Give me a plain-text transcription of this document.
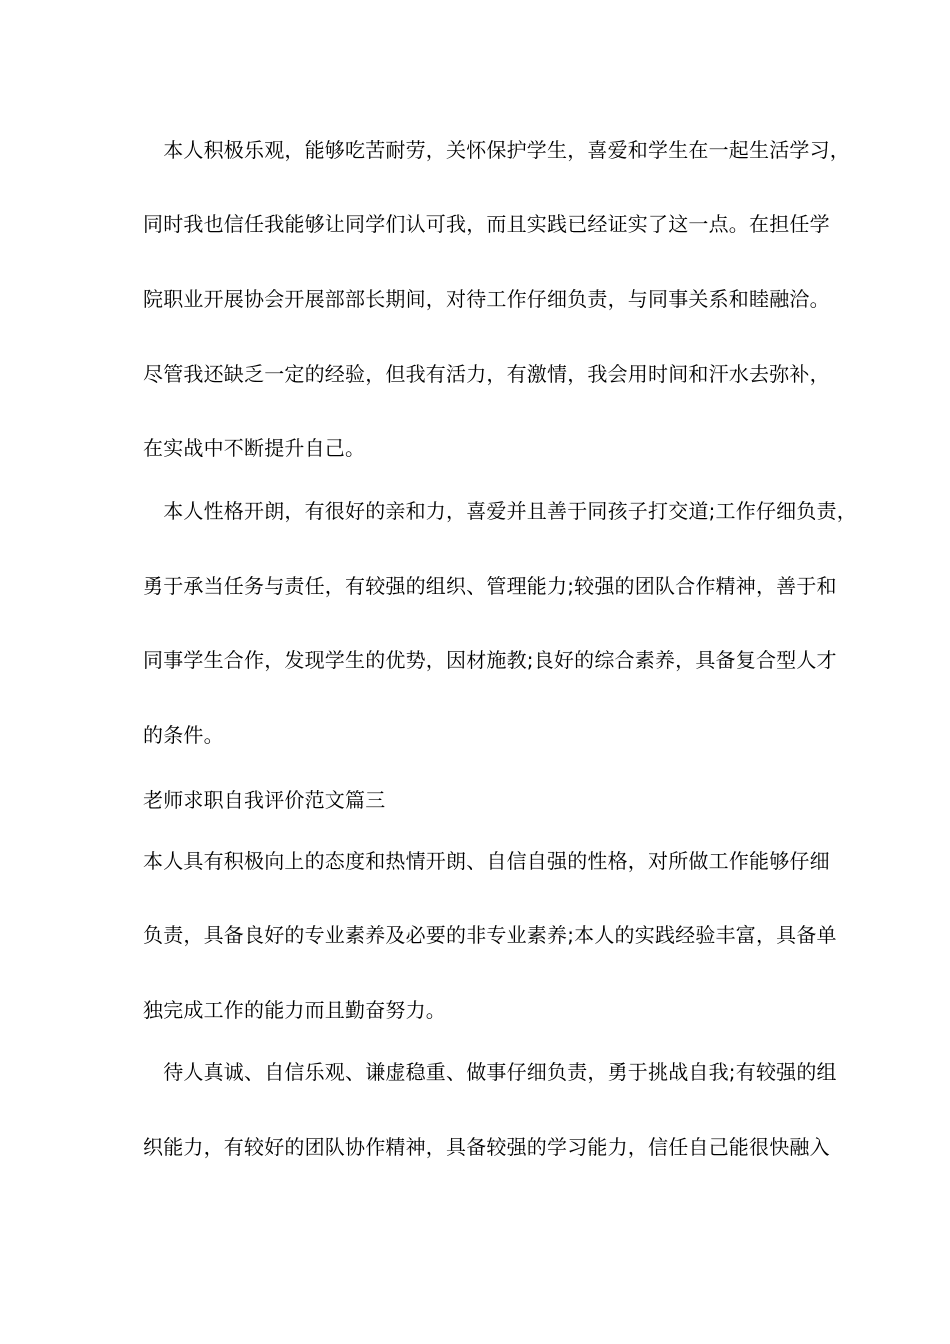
　本人积极乐观，能够吃苦耐劳，关怀保护学生，喜爱和学生在一起生活学习，
同时我也信任我能够让同学们认可我，而且实践已经证实了这一点。在担任学
院职业开展协会开展部部长期间，对待工作仔细负责，与同事关系和睦融洽。
尽管我还缺乏一定的经验，但我有活力，有激情，我会用时间和汗水去弥补，
在实战中不断提升自己。
　本人性格开朗，有很好的亲和力，喜爱并且善于同孩子打交道;工作仔细负责，
勇于承当任务与责任，有较强的组织、管理能力;较强的团队合作精神，善于和
同事学生合作，发现学生的优势，因材施教;良好的综合素养，具备复合型人才
的条件。
老师求职自我评价范文篇三
本人具有积极向上的态度和热情开朗、自信自强的性格，对所做工作能够仔细
负责，具备良好的专业素养及必要的非专业素养;本人的实践经验丰富，具备单
独完成工作的能力而且勤奋努力。
　待人真诚、自信乐观、谦虚稳重、做事仔细负责，勇于挑战自我;有较强的组
织能力，有较好的团队协作精神，具备较强的学习能力，信任自己能很快融入
